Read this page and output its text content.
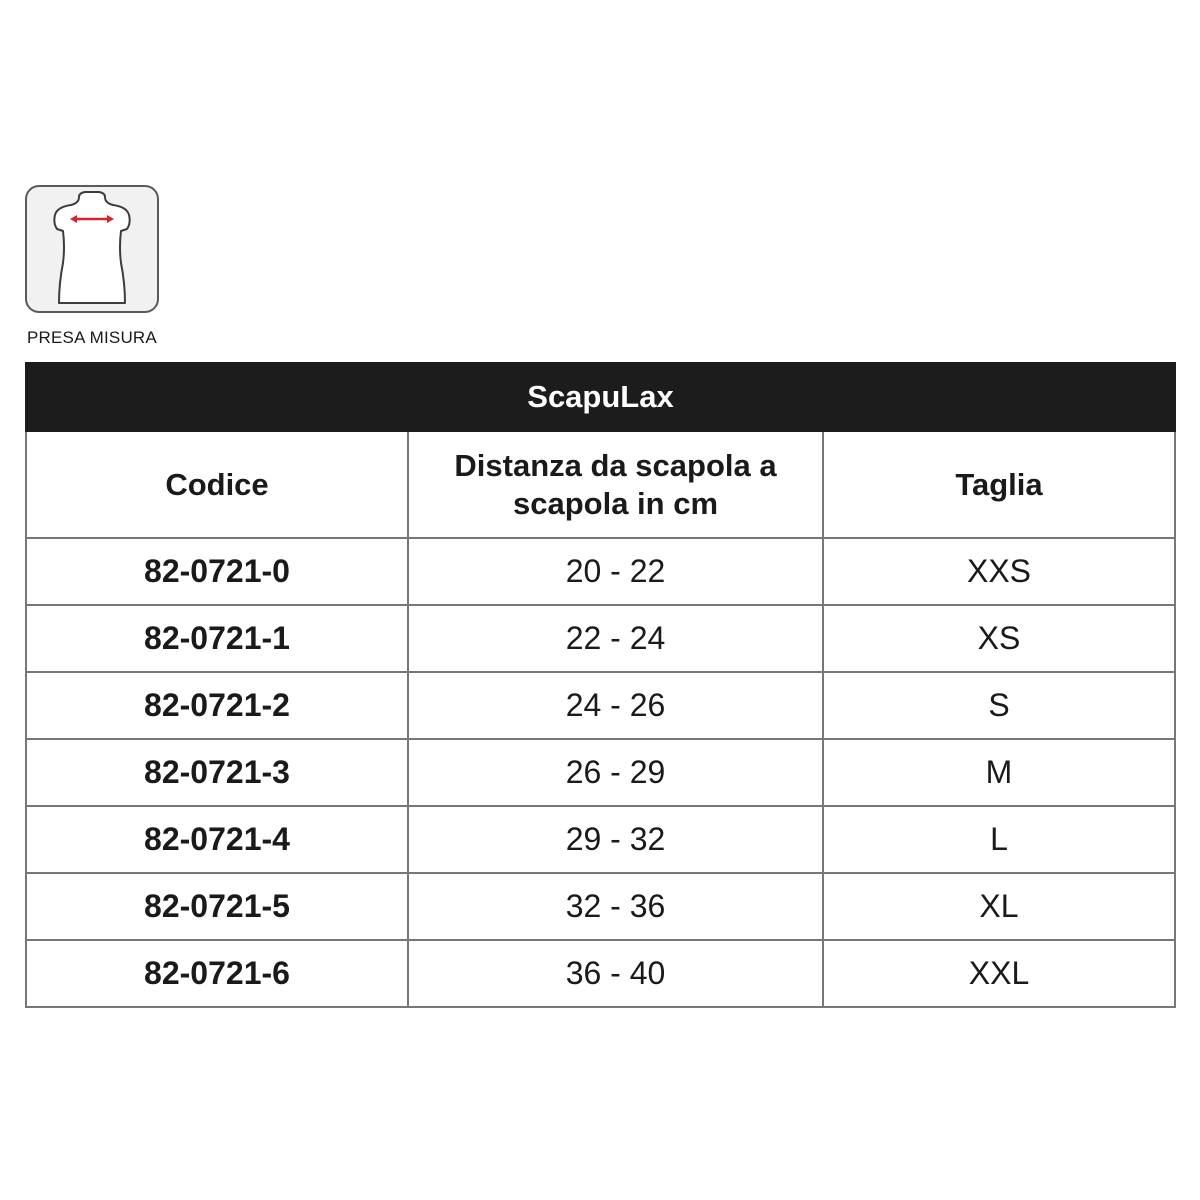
PRESA MISURA
ScapuLax		
Codice	Distanza da scapola a scapola in cm	Taglia
82-0721-0	20 - 22	XXS
82-0721-1	22 - 24	XS
82-0721-2	24 - 26	S
82-0721-3	26 - 29	M
82-0721-4	29 - 32	L
82-0721-5	32 - 36	XL
82-0721-6	36 - 40	XXL
